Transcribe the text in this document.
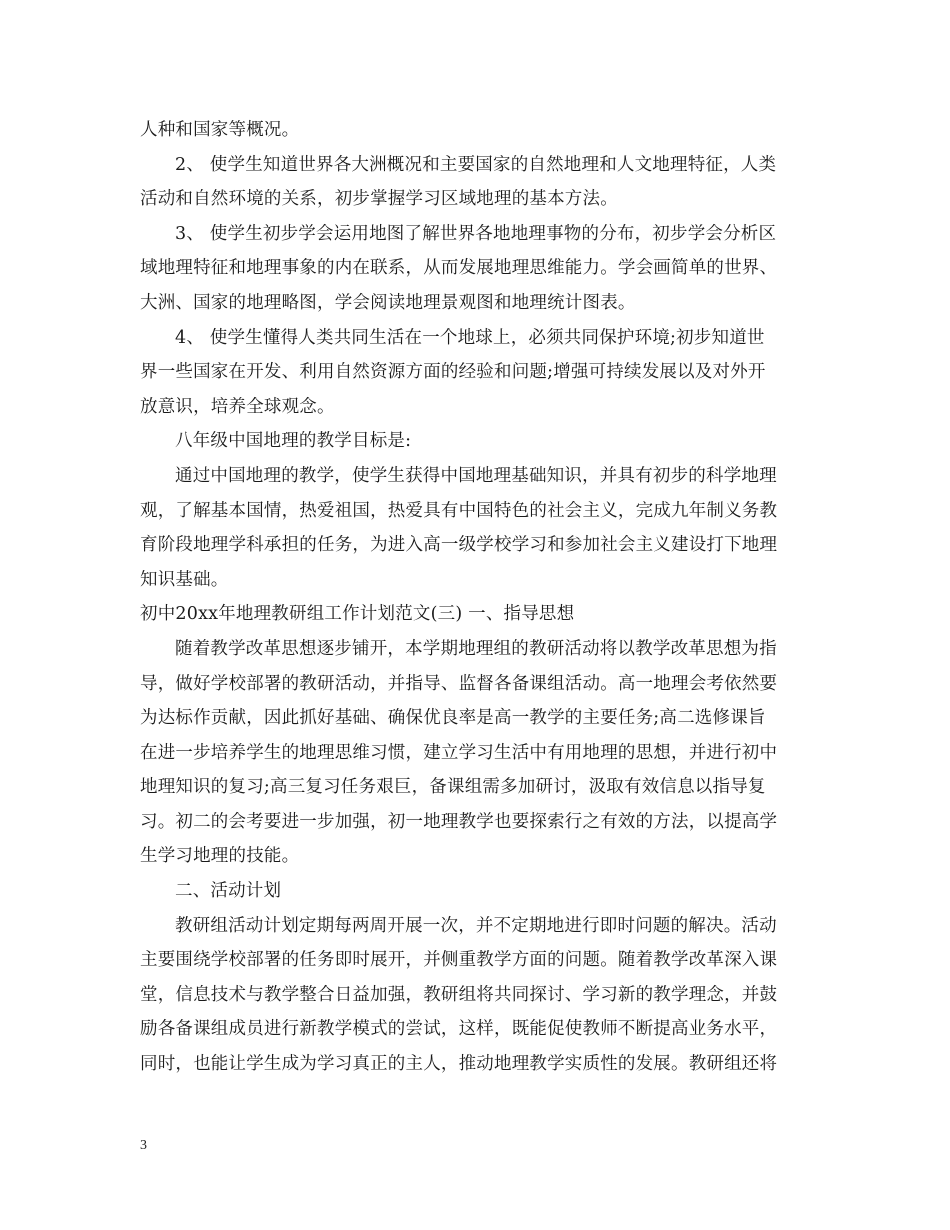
人种和国家等概况。
2、 使学生知道世界各大洲概况和主要国家的自然地理和人文地理特征，人类
活动和自然环境的关系，初步掌握学习区域地理的基本方法。
3、 使学生初步学会运用地图了解世界各地地理事物的分布，初步学会分析区
域地理特征和地理事象的内在联系，从而发展地理思维能力。学会画简单的世界、
大洲、国家的地理略图，学会阅读地理景观图和地理统计图表。
4、 使学生懂得人类共同生活在一个地球上，必须共同保护环境;初步知道世
界一些国家在开发、利用自然资源方面的经验和问题;增强可持续发展以及对外开
放意识，培养全球观念。
八年级中国地理的教学目标是:
通过中国地理的教学，使学生获得中国地理基础知识，并具有初步的科学地理
观，了解基本国情，热爱祖国，热爱具有中国特色的社会主义，完成九年制义务教
育阶段地理学科承担的任务，为进入高一级学校学习和参加社会主义建设打下地理
知识基础。
初中20xx年地理教研组工作计划范文(三) 一、指导思想
随着教学改革思想逐步铺开，本学期地理组的教研活动将以教学改革思想为指
导，做好学校部署的教研活动，并指导、监督各备课组活动。高一地理会考依然要
为达标作贡献，因此抓好基础、确保优良率是高一教学的主要任务;高二选修课旨
在进一步培养学生的地理思维习惯，建立学习生活中有用地理的思想，并进行初中
地理知识的复习;高三复习任务艰巨，备课组需多加研讨，汲取有效信息以指导复
习。初二的会考要进一步加强，初一地理教学也要探索行之有效的方法，以提高学
生学习地理的技能。
二、活动计划
教研组活动计划定期每两周开展一次，并不定期地进行即时问题的解决。活动
主要围绕学校部署的任务即时展开，并侧重教学方面的问题。随着教学改革深入课
堂，信息技术与教学整合日益加强，教研组将共同探讨、学习新的教学理念，并鼓
励各备课组成员进行新教学模式的尝试，这样，既能促使教师不断提高业务水平，
同时，也能让学生成为学习真正的主人，推动地理教学实质性的发展。教研组还将
3
